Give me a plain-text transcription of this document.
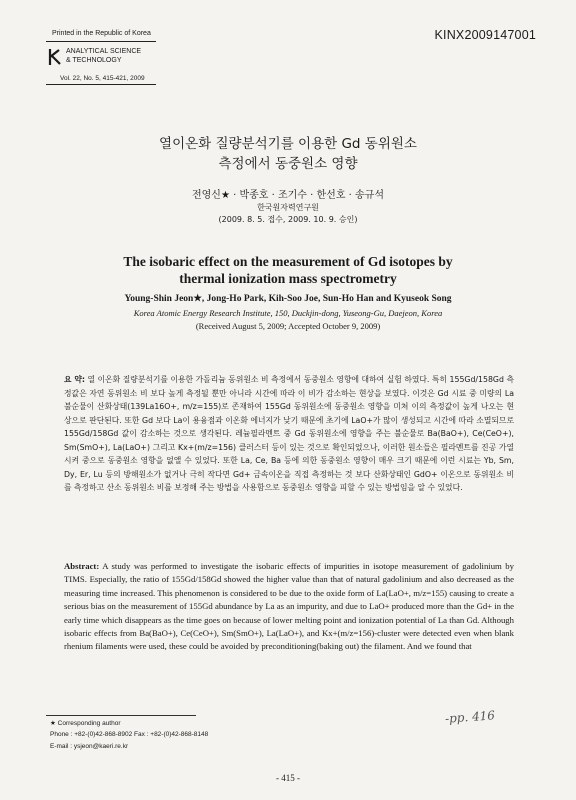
Printed in the Republic of Korea	KINX2009147001
ANALYTICAL SCIENCE
& TECHNOLOGY
Vol. 22, No. 5, 415-421, 2009
열이온화 질량분석기를 이용한 Gd 동위원소
측정에서 동중원소 영향
전영신★ · 박종호 · 조기수 · 한선호 · 송규석
한국원자력연구원
(2009. 8. 5. 접수, 2009. 10. 9. 승인)
The isobaric effect on the measurement of Gd isotopes by
thermal ionization mass spectrometry
Young-Shin Jeon★, Jong-Ho Park, Kih-Soo Joe, Sun-Ho Han and Kyuseok Song
Korea Atomic Energy Research Institute, 150, Duckjin-dong, Yuseong-Gu, Daejeon, Korea
(Received August 5, 2009; Accepted October 9, 2009)
요 약: 열 이온화 질량분석기를 이용한 가돌리늄 동위원소 비 측정에서 동중원소 영향에 대하여 실험 하였다. 특히 155Gd/158Gd 측정값은 자연 동위원소 비 보다 높게 측정될 뿐만 아니라 시간에 따라 이 비가 감소하는 현상을 보였다. 이것은 Gd 시료 중 미량의 La 불순물이 산화상태(139La16O+, m/z=155)로 존재하여 155Gd 동위원소에 동중원소 영향을 미쳐 이의 측정값이 높게 나오는 현상으로 판단된다. 또한 Gd 보다 La이 용융점과 이온화 에너지가 낮기 때문에 초기에 LaO+가 많이 생성되고 시간에 따라 소멸되므로 155Gd/158Gd 값이 감소하는 것으로 생각된다. 레늄필라멘트 중 Gd 동위원소에 영향을 주는 불순물로 Ba(BaO+), Ce(CeO+), Sm(SmO+), La(LaO+) 그리고 Kx+(m/z=156) 클러스터 등이 있는 것으로 확인되었으나, 이러한 원소들은 필라멘트를 진공 가열시켜 중으로 동중원소 영향을 없앨 수 있었다. 또한 La, Ce, Ba 등에 의한 동중원소 영향이 매우 크기 때문에 이런 시료는 Yb, Sm, Dy, Er, Lu 등의 방해원소가 없거나 극히 작다면 Gd+ 금속이온을 직접 측정하는 것 보다 산화상태인 GdO+ 이온으로 동위원소 비를 측정하고 산소 동위원소 비를 보정해 주는 방법을 사용함으로 동중원소 영향을 피할 수 있는 방법임을 알 수 있었다.
Abstract: A study was performed to investigate the isobaric effects of impurities in isotope measurement of gadolinium by TIMS. Especially, the ratio of 155Gd/158Gd showed the higher value than that of natural gadolinium and also decreased as the measuring time increased. This phenomenon is considered to be due to the oxide form of La(LaO+, m/z=155) causing to create a serious bias on the measurement of 155Gd abundance by La as an impurity, and due to LaO+ produced more than the Gd+ in the early time which disappears as the time goes on because of lower melting point and ionization potential of La than Gd. Although isobaric effects from Ba(BaO+), Ce(CeO+), Sm(SmO+), La(LaO+), and Kx+(m/z=156)-cluster were detected even when blank rhenium filaments were used, these could be avoided by preconditioning(baking out) the filament. And we found that
★ Corresponding author
Phone : +82-(0)42-868-8902 Fax : +82-(0)42-868-8148
E-mail : ysjeon@kaeri.re.kr
-pp. 416
- 415 -
